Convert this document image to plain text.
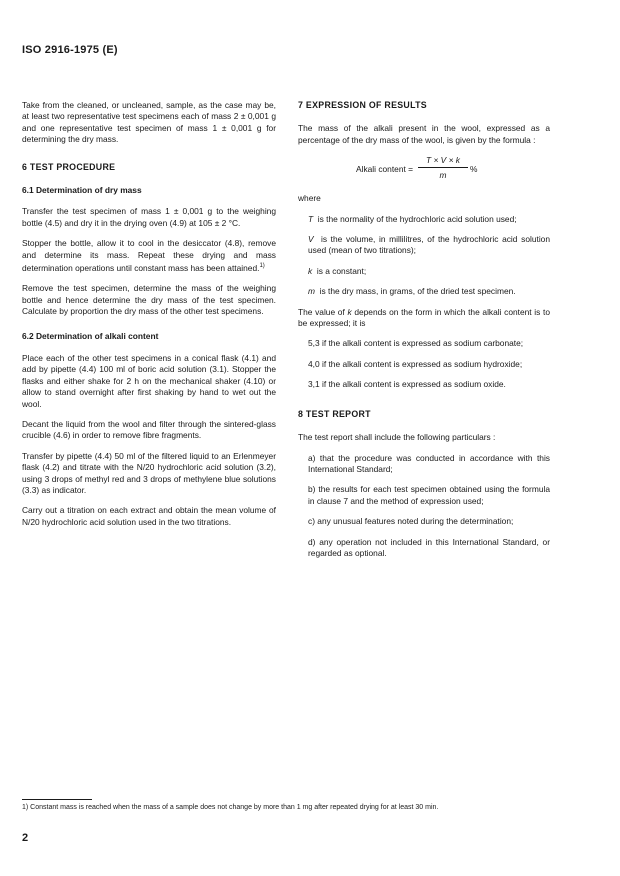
ISO 2916-1975 (E)

Take from the cleaned, or uncleaned, sample, as the case may be, at least two representative test specimens each of mass 2 ± 0,001 g and one representative test specimen of mass 1 ± 0,001 g for determining the dry mass.

6 TEST PROCEDURE
6.1 Determination of dry mass

Transfer the test specimen of mass 1 ± 0,001 g to the weighing bottle (4.5) and dry it in the drying oven (4.9) at 105 ± 2 °C.

Stopper the bottle, allow it to cool in the desiccator (4.8), remove and determine its mass. Repeat these drying and mass determination operations until constant mass has been attained.$^{1)}$

Remove the test specimen, determine the mass of the weighing bottle and hence determine the dry mass of the test specimen. Calculate by proportion the dry mass of the other test specimens.

6.2 Determination of alkali content

Place each of the other test specimens in a conical flask (4.1) and add by pipette (4.4) 100 ml of boric acid solution (3.1). Stopper the flasks and either shake for 2 h on the mechanical shaker (4.10) or allow to stand overnight after first shaking by hand to wet out the wool.

Decant the liquid from the wool and filter through the sintered-glass crucible (4.6) in order to remove fibre fragments.

Transfer by pipette (4.4) 50 ml of the filtered liquid to an Erlenmeyer flask (4.2) and titrate with the N/20 hydrochloric acid solution (3.2), using 3 drops of methyl red and 3 drops of methylene blue solutions (3.3) as indicator.

Carry out a titration on each extract and obtain the mean volume of N/20 hydrochloric acid solution used in the two titrations.

7 EXPRESSION OF RESULTS

The mass of the alkali present in the wool, expressed as a percentage of the dry mass of the wool, is given by the formula :

Alkali content =
T × V × k
m
%

where

T is the normality of the hydrochloric acid solution used;
V is the volume, in millilitres, of the hydrochloric acid solution used (mean of two titrations);
k is a constant;
m is the dry mass, in grams, of the dried test specimen.

The value of k depends on the form in which the alkali content is to be expressed; it is

5,3 if the alkali content is expressed as sodium carbonate;
4,0 if the alkali content is expressed as sodium hydroxide;
3,1 if the alkali content is expressed as sodium oxide.
8 TEST REPORT

The test report shall include the following particulars :

a) that the procedure was conducted in accordance with this International Standard;
b) the results for each test specimen obtained using the formula in clause 7 and the method of expression used;
c) any unusual features noted during the determination;
d) any operation not included in this International Standard, or regarded as optional.
1) Constant mass is reached when the mass of a sample does not change by more than 1 mg after repeated drying for at least 30 min.
2
